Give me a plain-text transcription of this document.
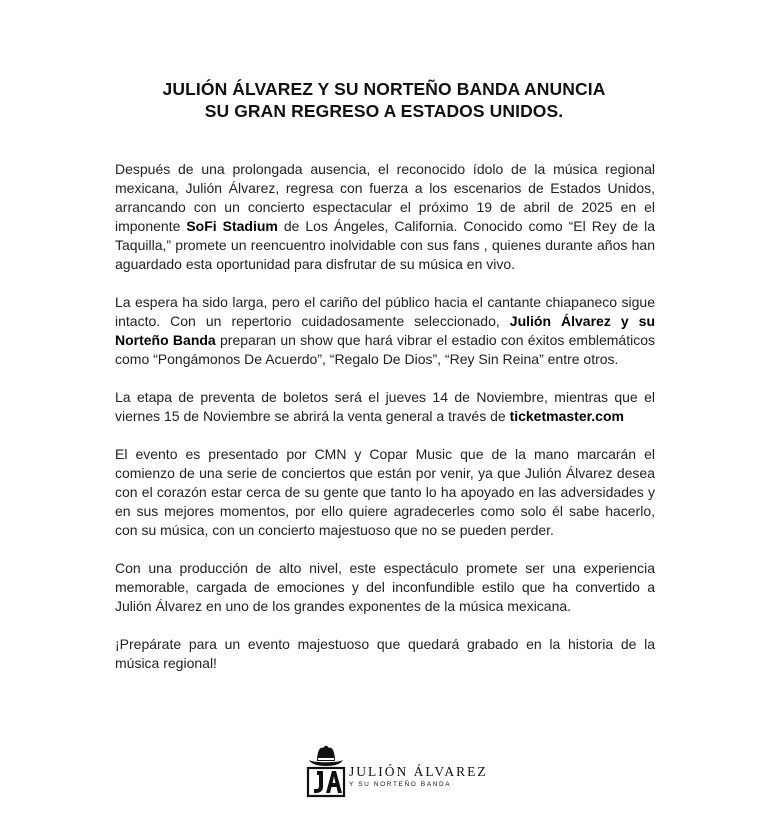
JULIÓN ÁLVAREZ Y SU NORTEÑO BANDA ANUNCIA
SU GRAN REGRESO A ESTADOS UNIDOS.

Después de una prolongada ausencia, el reconocido ídolo de la música regional mexicana, Julión Álvarez, regresa con fuerza a los escenarios de Estados Unidos, arrancando con un concierto espectacular el próximo 19 de abril de 2025 en el imponente SoFi Stadium de Los Ángeles, California. Conocido como “El Rey de la Taquilla,” promete un reencuentro inolvidable con sus fans , quienes durante años han aguardado esta oportunidad para disfrutar de su música en vivo.

La espera ha sido larga, pero el cariño del público hacia el cantante chiapaneco sigue intacto. Con un repertorio cuidadosamente seleccionado, Julión Álvarez y su Norteño Banda preparan un show que hará vibrar el estadio con éxitos emblemáticos como “Pongámonos De Acuerdo”, “Regalo De Dios”, “Rey Sin Reina” entre otros.

La etapa de preventa de boletos será el jueves 14 de Noviembre, mientras que el viernes 15 de Noviembre se abrirá la venta general a través de ticketmaster.com

El evento es presentado por CMN y Copar Music que de la mano marcarán el comienzo de una serie de conciertos que están por venir, ya que Julión Álvarez desea con el corazón estar cerca de su gente que tanto lo ha apoyado en las adversidades y en sus mejores momentos, por ello quiere agradecerles como solo él sabe hacerlo, con su música, con un concierto majestuoso que no se pueden perder.

Con una producción de alto nivel, este espectáculo promete ser una experiencia memorable, cargada de emociones y del inconfundible estilo que ha convertido a Julión Álvarez en uno de los grandes exponentes de la música mexicana.

¡Prepárate para un evento majestuoso que quedará grabado en la historia de la música regional!

JULIÓN ÁLVAREZ
Y SU NORTEÑO BANDA
